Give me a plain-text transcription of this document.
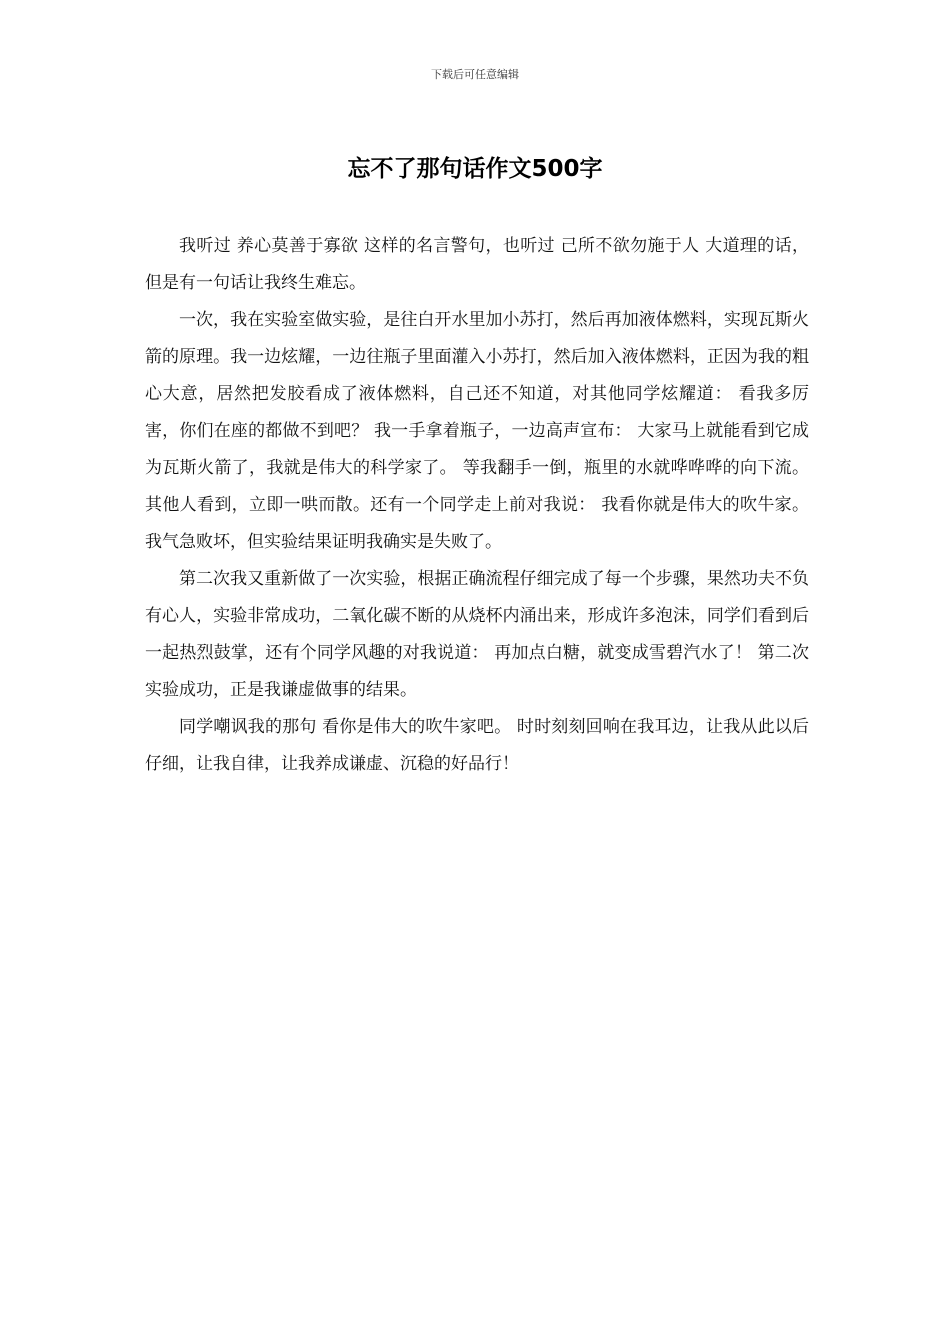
下载后可任意编辑
忘不了那句话作文500字

我听过 养心莫善于寡欲 这样的名言警句，也听过 己所不欲勿施于人 大道理的话，但是有一句话让我终生难忘。

一次，我在实验室做实验，是往白开水里加小苏打，然后再加液体燃料，实现瓦斯火箭的原理。我一边炫耀，一边往瓶子里面灌入小苏打，然后加入液体燃料，正因为我的粗心大意，居然把发胶看成了液体燃料，自己还不知道，对其他同学炫耀道： 看我多厉害，你们在座的都做不到吧？ 我一手拿着瓶子，一边高声宣布： 大家马上就能看到它成为瓦斯火箭了，我就是伟大的科学家了。 等我翻手一倒，瓶里的水就哗哗哗的向下流。其他人看到，立即一哄而散。还有一个同学走上前对我说： 我看你就是伟大的吹牛家。 我气急败坏，但实验结果证明我确实是失败了。

第二次我又重新做了一次实验，根据正确流程仔细完成了每一个步骤，果然功夫不负有心人，实验非常成功，二氧化碳不断的从烧杯内涌出来，形成许多泡沫，同学们看到后一起热烈鼓掌，还有个同学风趣的对我说道： 再加点白糖，就变成雪碧汽水了！ 第二次实验成功，正是我谦虚做事的结果。

同学嘲讽我的那句 看你是伟大的吹牛家吧。 时时刻刻回响在我耳边，让我从此以后仔细，让我自律，让我养成谦虚、沉稳的好品行！
